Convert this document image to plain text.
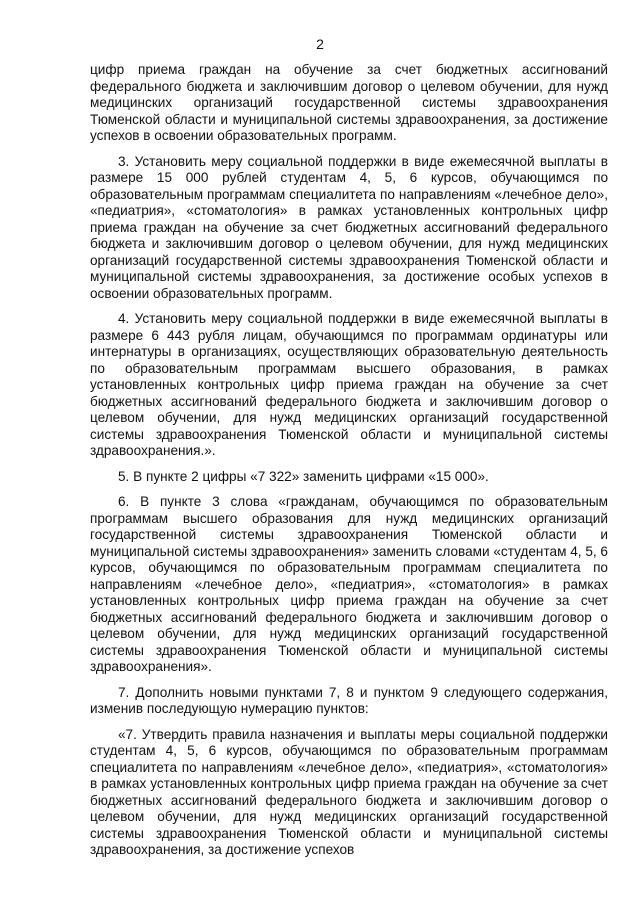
2

цифр приема граждан на обучение за счет бюджетных ассигнований федерального бюджета и заключившим договор о целевом обучении, для нужд медицинских организаций государственной системы здравоохранения Тюменской области и муниципальной системы здравоохранения, за достижение успехов в освоении образовательных программ.

3. Установить меру социальной поддержки в виде ежемесячной выплаты в размере 15 000 рублей студентам 4, 5, 6 курсов, обучающимся по образовательным программам специалитета по направлениям «лечебное дело», «педиатрия», «стоматология» в рамках установленных контрольных цифр приема граждан на обучение за счет бюджетных ассигнований федерального бюджета и заключившим договор о целевом обучении, для нужд медицинских организаций государственной системы здравоохранения Тюменской области и муниципальной системы здравоохранения, за достижение особых успехов в освоении образовательных программ.

4. Установить меру социальной поддержки в виде ежемесячной выплаты в размере 6 443 рубля лицам, обучающимся по программам ординатуры или интернатуры в организациях, осуществляющих образовательную деятельность по образовательным программам высшего образования, в рамках установленных контрольных цифр приема граждан на обучение за счет бюджетных ассигнований федерального бюджета и заключившим договор о целевом обучении, для нужд медицинских организаций государственной системы здравоохранения Тюменской области и муниципальной системы здравоохранения.».

5. В пункте 2 цифры «7 322» заменить цифрами «15 000».

6. В пункте 3 слова «гражданам, обучающимся по образовательным программам высшего образования для нужд медицинских организаций государственной системы здравоохранения Тюменской области и муниципальной системы здравоохранения» заменить словами «студентам 4, 5, 6 курсов, обучающимся по образовательным программам специалитета по направлениям «лечебное дело», «педиатрия», «стоматология» в рамках установленных контрольных цифр приема граждан на обучение за счет бюджетных ассигнований федерального бюджета и заключившим договор о целевом обучении, для нужд медицинских организаций государственной системы здравоохранения Тюменской области и муниципальной системы здравоохранения».

7. Дополнить новыми пунктами 7, 8 и пунктом 9 следующего содержания, изменив последующую нумерацию пунктов:

«7. Утвердить правила назначения и выплаты меры социальной поддержки студентам 4, 5, 6 курсов, обучающимся по образовательным программам специалитета по направлениям «лечебное дело», «педиатрия», «стоматология» в рамках установленных контрольных цифр приема граждан на обучение за счет бюджетных ассигнований федерального бюджета и заключившим договор о целевом обучении, для нужд медицинских организаций государственной системы здравоохранения Тюменской области и муниципальной системы здравоохранения, за достижение успехов
